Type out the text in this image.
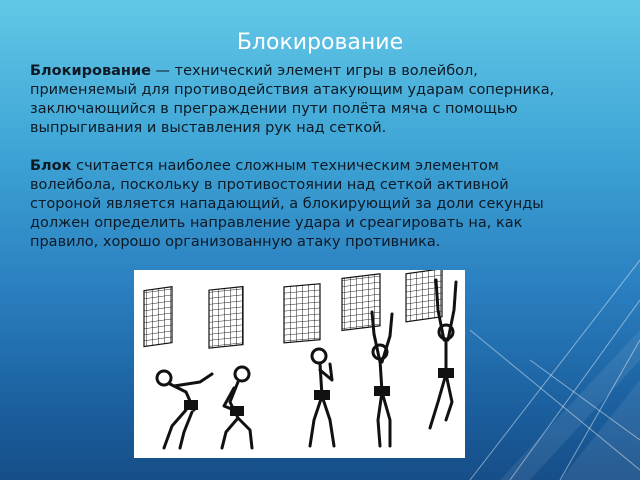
Блокирование

Блокирование — технический элемент игры в волейбол, применяемый для противодействия атакующим ударам соперника, заключающийся в преграждении пути полёта мяча с помощью выпрыгивания и выставления рук над сеткой.

Блок считается наиболее сложным техническим элементом волейбола, поскольку в противостоянии над сеткой активной стороной является нападающий, а блокирующий за доли секунды должен определить направление удара и среагировать на, как правило, хорошо организованную атаку противника.
